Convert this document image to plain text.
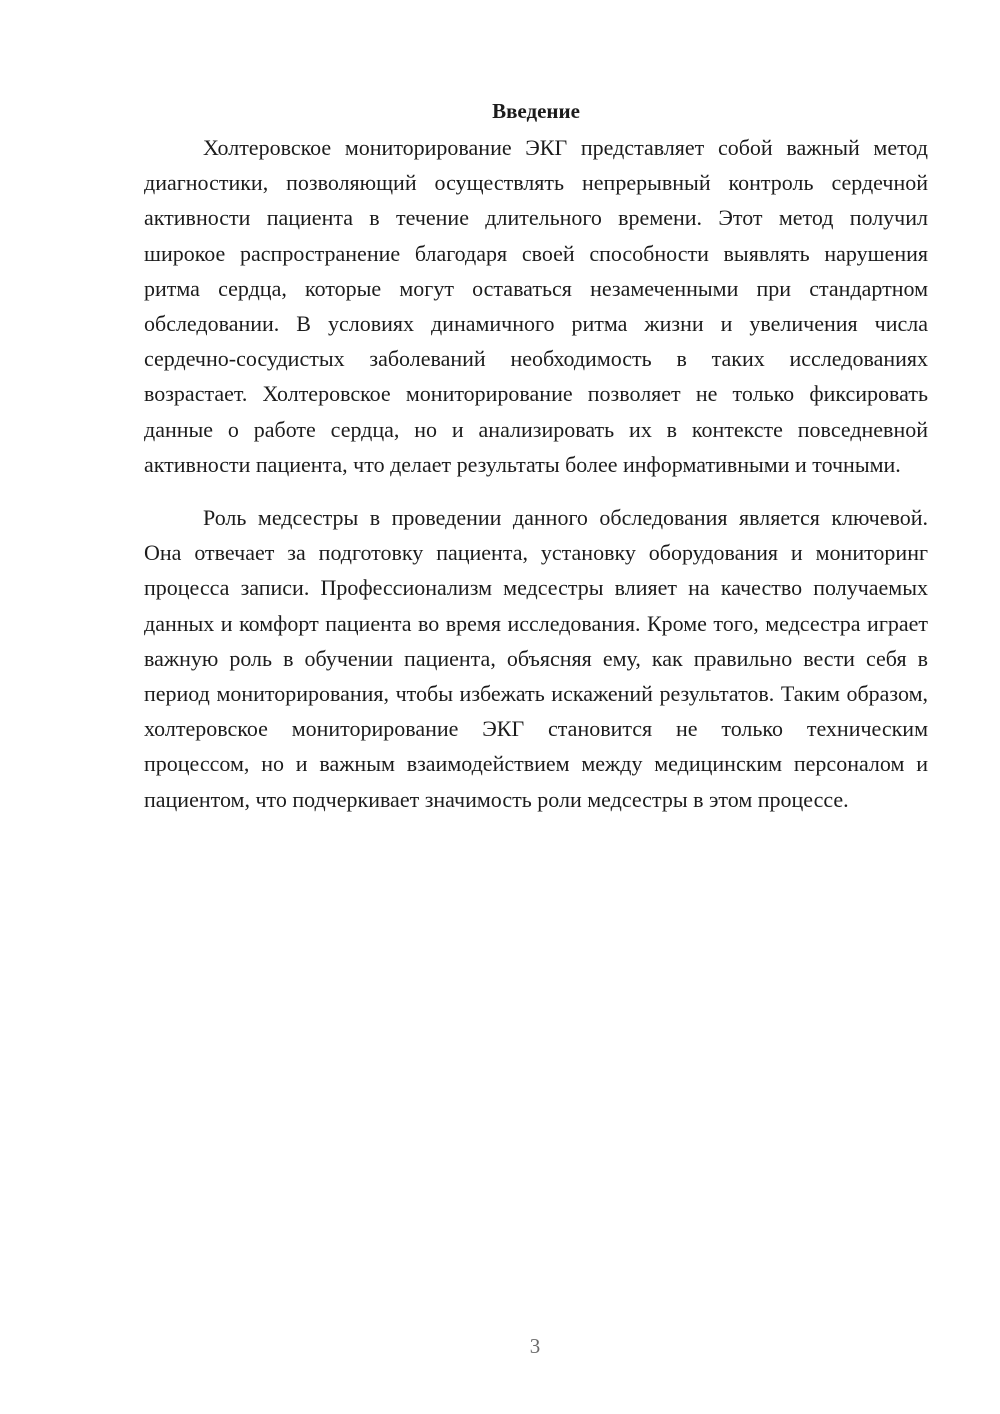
Введение

Холтеровское мониторирование ЭКГ представляет собой важный метод диагностики, позволяющий осуществлять непрерывный контроль сердечной активности пациента в течение длительного времени. Этот метод получил широкое распространение благодаря своей способности выявлять нарушения ритма сердца, которые могут оставаться незамеченными при стандартном обследовании. В условиях динамичного ритма жизни и увеличения числа сердечно-сосудистых заболеваний необходимость в таких исследованиях возрастает. Холтеровское мониторирование позволяет не только фиксировать данные о работе сердца, но и анализировать их в контексте повседневной активности пациента, что делает результаты более информативными и точными.

Роль медсестры в проведении данного обследования является ключевой. Она отвечает за подготовку пациента, установку оборудования и мониторинг процесса записи. Профессионализм медсестры влияет на качество получаемых данных и комфорт пациента во время исследования. Кроме того, медсестра играет важную роль в обучении пациента, объясняя ему, как правильно вести себя в период мониторирования, чтобы избежать искажений результатов. Таким образом, холтеровское мониторирование ЭКГ становится не только техническим процессом, но и важным взаимодействием между медицинским персоналом и пациентом, что подчеркивает значимость роли медсестры в этом процессе.

3
